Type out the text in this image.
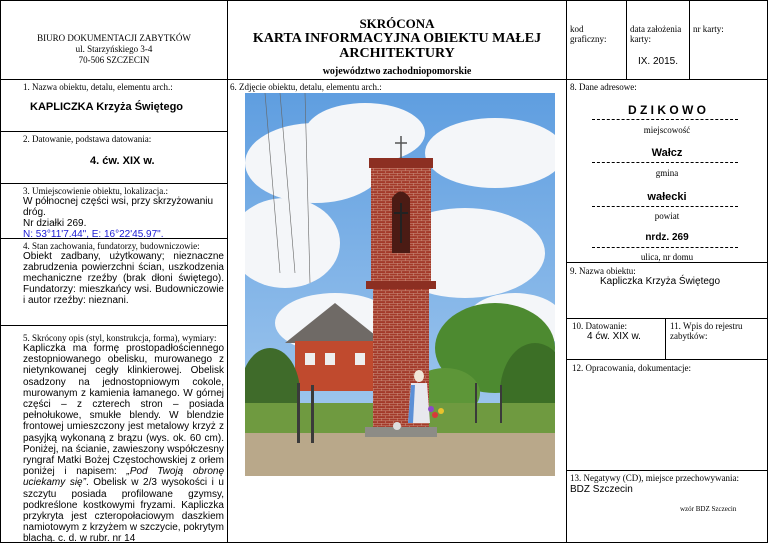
BIURO DOKUMENTACJI ZABYTKÓW
ul. Starzyńskiego 3-4
70-506 SZCZECIN
SKRÓCONA
KARTA INFORMACYJNA OBIEKTU MAŁEJ
ARCHITEKTURY
województwo zachodniopomorskie
kod graficzny:
data założenia karty:
IX. 2015.
nr karty:
1. Nazwa obiektu, detalu, elementu arch.:
KAPLICZKA Krzyża Świętego
2. Datowanie, podstawa datowania:
4. ćw. XIX w.
3. Umiejscowienie obiektu, lokalizacja.:
W północnej części wsi, przy skrzyżowaniu dróg.
Nr działki 269.
N: 53°11'7.44", E: 16°22'45.97".
4. Stan zachowania, fundatorzy, budowniczowie:
Obiekt zadbany, użytkowany; nieznaczne zabrudzenia powierzchni ścian, uszkodzenia mechaniczne rzeźby (brak dłoni świętego). Fundatorzy: mieszkańcy wsi. Budowniczowie i autor rzeźby: nieznani.
5. Skrócony opis (styl, konstrukcja, forma), wymiary:
Kapliczka ma formę prostopadłościennego zestopniowanego obelisku, murowanego z nietynkowanej cegły klinkierowej. Obelisk osadzony na jednostopniowym cokole, murowanym z kamienia łamanego. W górnej części – z czterech stron – posiada pełnołukowe, smukłe blendy. W blendzie frontowej umieszczony jest metalowy krzyż z pasyjką wykonaną z brązu (wys. ok. 60 cm). Poniżej, na ścianie, zawieszony współczesny ryngraf Matki Bożej Częstochowskiej z orłem poniżej i napisem: „Pod Twoją obronę uciekamy się”. Obelisk w 2/3 wysokości i u szczytu posiada profilowane gzymsy, podkreślone kostkowymi fryzami. Kapliczka przykryta jest czteropołaciowym daszkiem namiotowym z krzyżem w szczycie, pokrytym blachą. c. d. w rubr. nr 14
6. Zdjęcie obiektu, detalu, elementu arch.:	8. Dane adresowe:
D Z I K O W O
miejscowość
Wałcz
gmina
wałecki
powiat
nrdz. 269
ulica, nr domu
9. Nazwa obiektu:
Kapliczka Krzyża Świętego
10. Datowanie:
4 ćw. XIX w.
11. Wpis do rejestru zabytków:
12. Opracowania, dokumentacje:
13. Negatywy (CD), miejsce przechowywania:
BDZ Szczecin
wzór BDZ Szczecin
